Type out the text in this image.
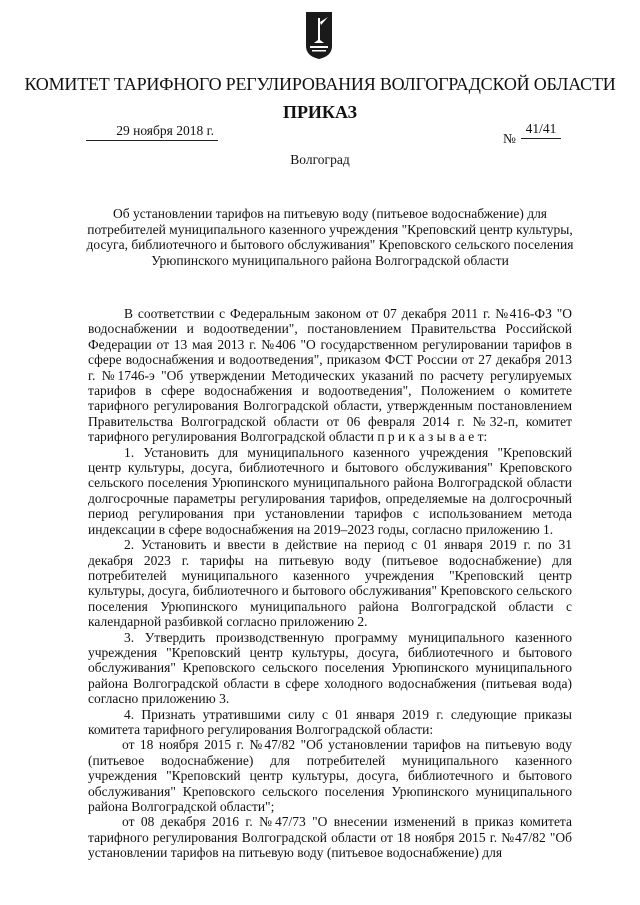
КОМИТЕТ ТАРИФНОГО РЕГУЛИРОВАНИЯ ВОЛГОГРАДСКОЙ ОБЛАСТИ
ПРИКАЗ
29 ноября 2018 г.
№
41/41
Волгоград
Об установлении тарифов на питьевую воду (питьевое водоснабжение) для потребителей муниципального казенного учреждения "Креповский центр культуры, досуга, библиотечного и бытового обслуживания" Креповского сельского поселения Урюпинского муниципального района Волгоградской области

В соответствии с Федеральным законом от 07 декабря 2011 г. №416-ФЗ "О водоснабжении и водоотведении", постановлением Правительства Российской Федерации от 13 мая 2013 г. №406 "О государственном регулировании тарифов в сфере водоснабжения и водоотведения", приказом ФСТ России от 27 декабря 2013 г. №1746-э "Об утверждении Методических указаний по расчету регулируемых тарифов в сфере водоснабжения и водоотведения", Положением о комитете тарифного регулирования Волгоградской области, утвержденным постановлением Правительства Волгоградской области от 06 февраля 2014 г. №32-п, комитет тарифного регулирования Волгоградской области п р и к а з ы в а е т:

1. Установить для муниципального казенного учреждения "Креповский центр культуры, досуга, библиотечного и бытового обслуживания" Креповского сельского поселения Урюпинского муниципального района Волгоградской области долгосрочные параметры регулирования тарифов, определяемые на долгосрочный период регулирования при установлении тарифов с использованием метода индексации в сфере водоснабжения на 2019–2023 годы, согласно приложению 1.

2. Установить и ввести в действие на период с 01 января 2019 г. по 31 декабря 2023 г. тарифы на питьевую воду (питьевое водоснабжение) для потребителей муниципального казенного учреждения "Креповский центр культуры, досуга, библиотечного и бытового обслуживания" Креповского сельского поселения Урюпинского муниципального района Волгоградской области с календарной разбивкой согласно приложению 2.

3. Утвердить производственную программу муниципального казенного учреждения "Креповский центр культуры, досуга, библиотечного и бытового обслуживания" Креповского сельского поселения Урюпинского муниципального района Волгоградской области в сфере холодного водоснабжения (питьевая вода) согласно приложению 3.

4. Признать утратившими силу с 01 января 2019 г. следующие приказы комитета тарифного регулирования Волгоградской области:

от 18 ноября 2015 г. №47/82 "Об установлении тарифов на питьевую воду (питьевое водоснабжение) для потребителей муниципального казенного учреждения "Креповский центр культуры, досуга, библиотечного и бытового обслуживания" Креповского сельского поселения Урюпинского муниципального района Волгоградской области";

от 08 декабря 2016 г. №47/73 "О внесении изменений в приказ комитета тарифного регулирования Волгоградской области от 18 ноября 2015 г. №47/82 "Об установлении тарифов на питьевую воду (питьевое водоснабжение) для
